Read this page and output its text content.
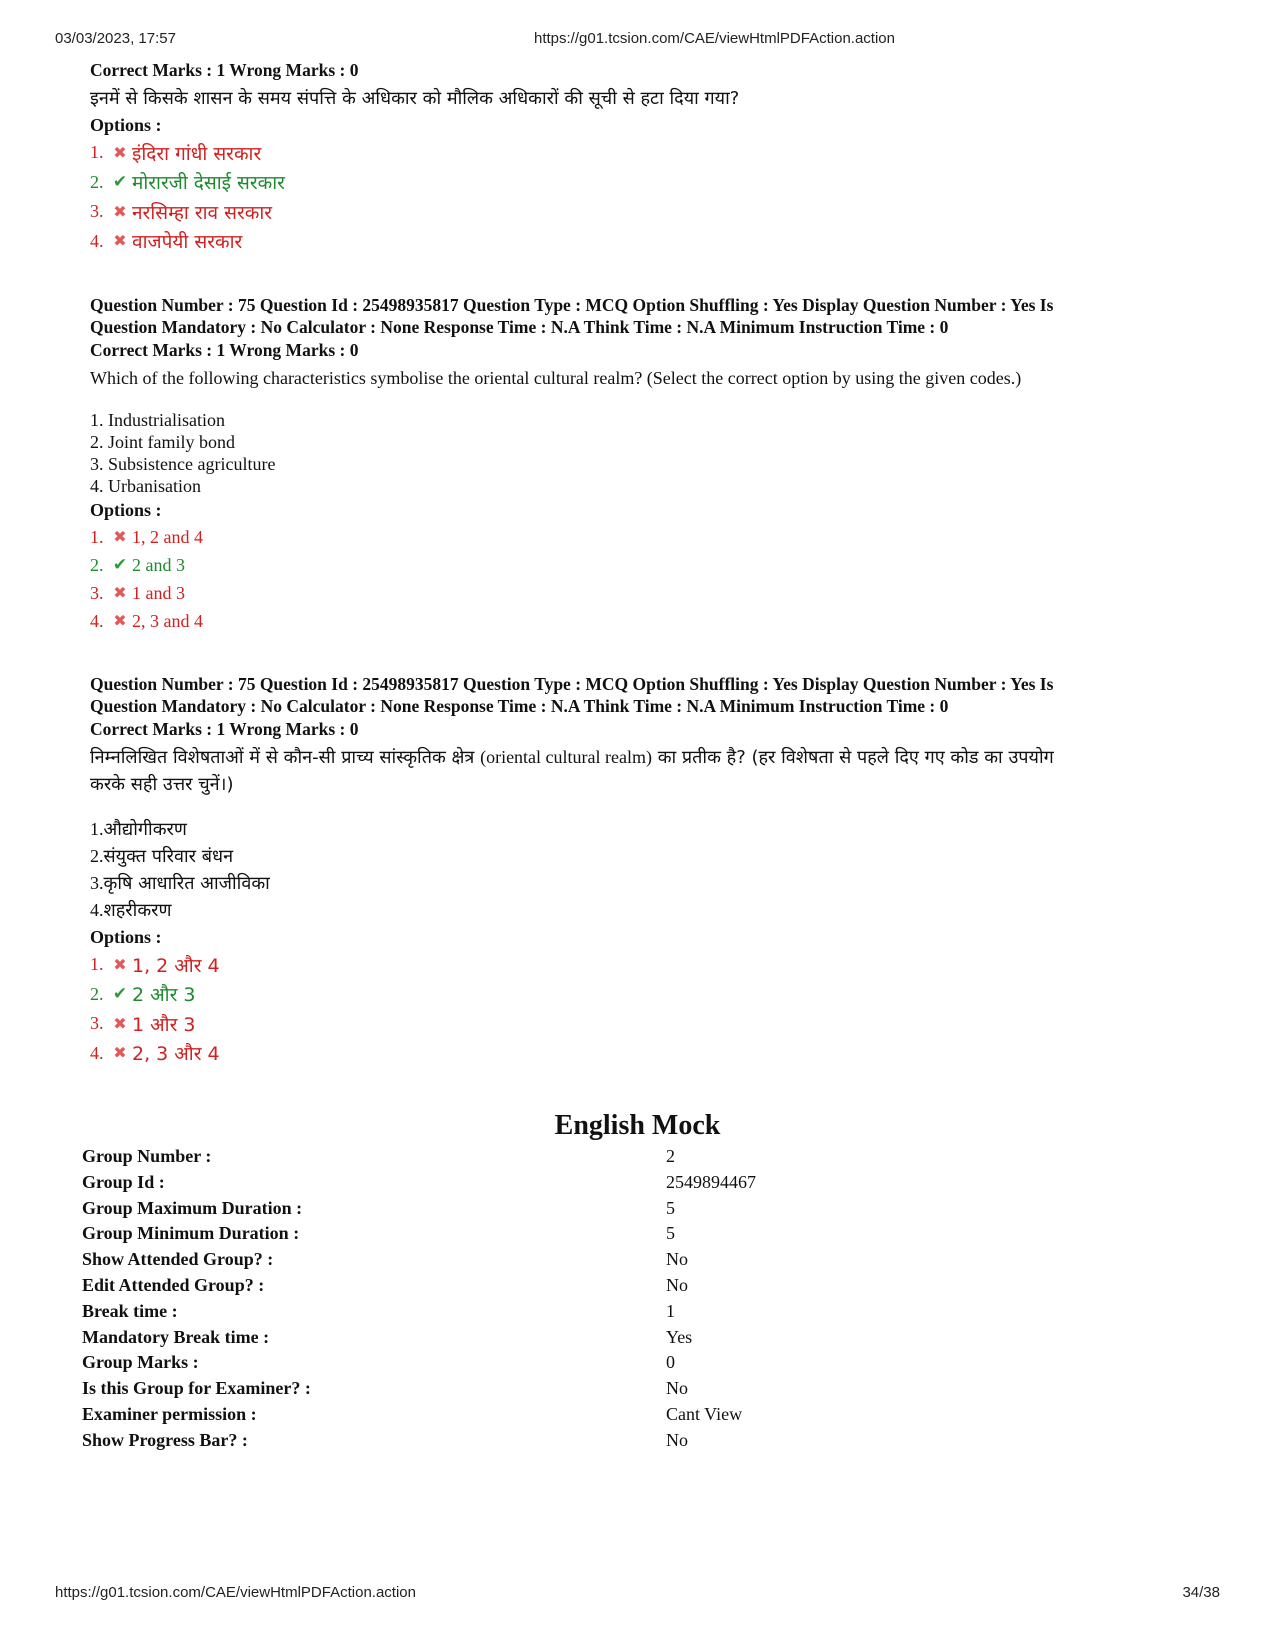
03/03/2023, 17:57	https://g01.tcsion.com/CAE/viewHtmlPDFAction.action
Correct Marks : 1 Wrong Marks : 0
इनमें से किसके शासन के समय संपत्ति के अधिकार को मौलिक अधिकारों की सूची से हटा दिया गया?
Options :
1. ✖ इंदिरा गांधी सरकार
2. ✔ मोरारजी देसाई सरकार
3. ✖ नरसिम्हा राव सरकार
4. ✖ वाजपेयी सरकार
Question Number : 75 Question Id : 25498935817 Question Type : MCQ Option Shuffling : Yes Display Question Number : Yes Is
Question Mandatory : No Calculator : None Response Time : N.A Think Time : N.A Minimum Instruction Time : 0
Correct Marks : 1 Wrong Marks : 0
Which of the following characteristics symbolise the oriental cultural realm? (Select the correct option by using the given codes.)
1. Industrialisation
2. Joint family bond
3. Subsistence agriculture
4. Urbanisation
Options :
1. ✖ 1, 2 and 4
2. ✔ 2 and 3
3. ✖ 1 and 3
4. ✖ 2, 3 and 4
Question Number : 75 Question Id : 25498935817 Question Type : MCQ Option Shuffling : Yes Display Question Number : Yes Is
Question Mandatory : No Calculator : None Response Time : N.A Think Time : N.A Minimum Instruction Time : 0
Correct Marks : 1 Wrong Marks : 0
निम्नलिखित विशेषताओं में से कौन-सी प्राच्य सांस्कृतिक क्षेत्र (oriental cultural realm) का प्रतीक है? (हर विशेषता से पहले दिए गए कोड का उपयोग
करके सही उत्तर चुनें।)
1.औद्योगीकरण
2.संयुक्त परिवार बंधन
3.कृषि आधारित आजीविका
4.शहरीकरण
Options :
1. ✖ 1, 2 और 4
2. ✔ 2 और 3
3. ✖ 1 और 3
4. ✖ 2, 3 और 4
English Mock
Group Number :	2
Group Id :	2549894467
Group Maximum Duration :	5
Group Minimum Duration :	5
Show Attended Group? :	No
Edit Attended Group? :	No
Break time :	1
Mandatory Break time :	Yes
Group Marks :	0
Is this Group for Examiner? :	No
Examiner permission :	Cant View
Show Progress Bar? :	No
https://g01.tcsion.com/CAE/viewHtmlPDFAction.action	34/38
